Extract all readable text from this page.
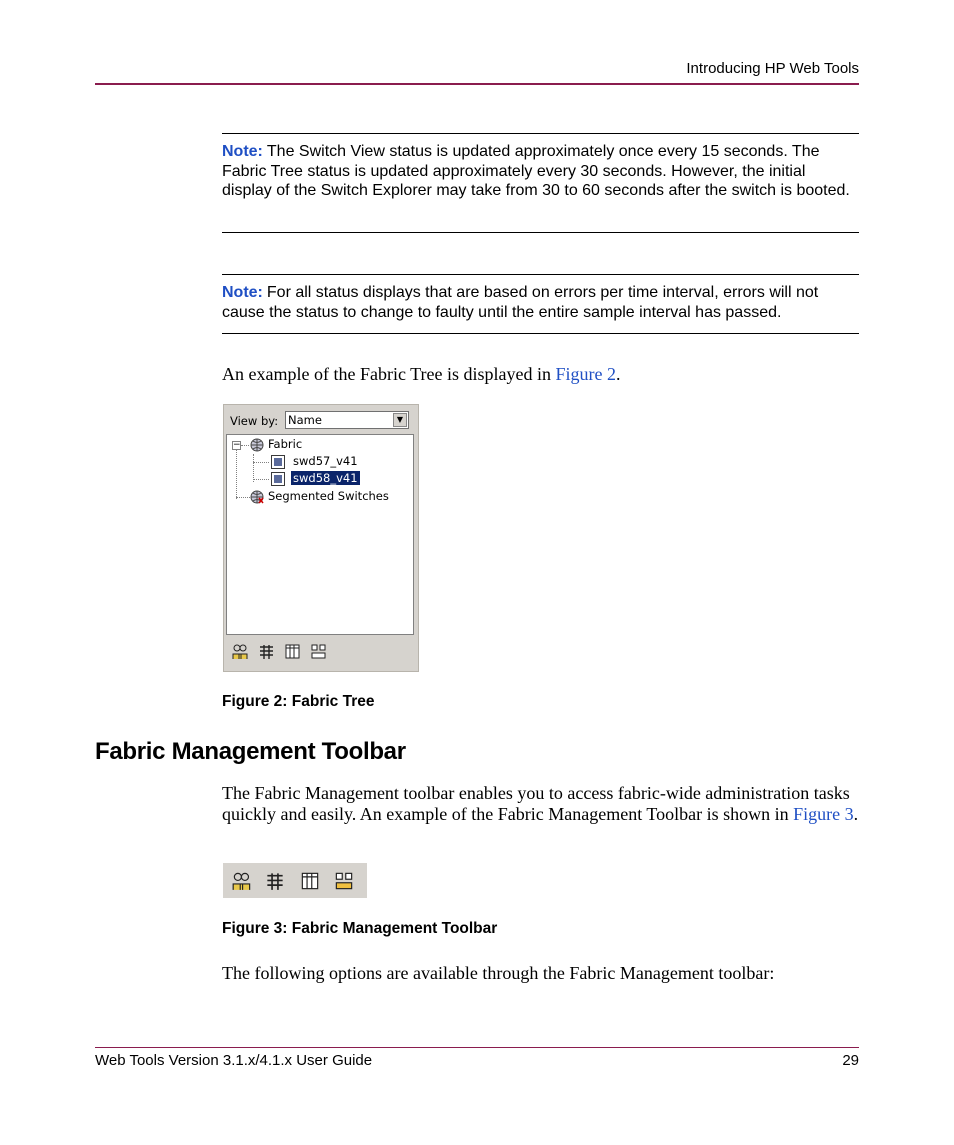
Introducing HP Web Tools
Note: The Switch View status is updated approximately once every 15 seconds. The Fabric Tree status is updated approximately every 30 seconds. However, the initial display of the Switch Explorer may take from 30 to 60 seconds after the switch is booted.
Note: For all status displays that are based on errors per time interval, errors will not cause the status to change to faulty until the entire sample interval has passed.
An example of the Fabric Tree is displayed in Figure 2.
View by: Name	▼
− Fabric
swd57_v41
swd58_v41
Segmented Switches
Figure 2: Fabric Tree
Fabric Management Toolbar
The Fabric Management toolbar enables you to access fabric-wide administration tasks quickly and easily. An example of the Fabric Management Toolbar is shown in Figure 3.
Figure 3: Fabric Management Toolbar
The following options are available through the Fabric Management toolbar:
Web Tools Version 3.1.x/4.1.x User Guide	29
